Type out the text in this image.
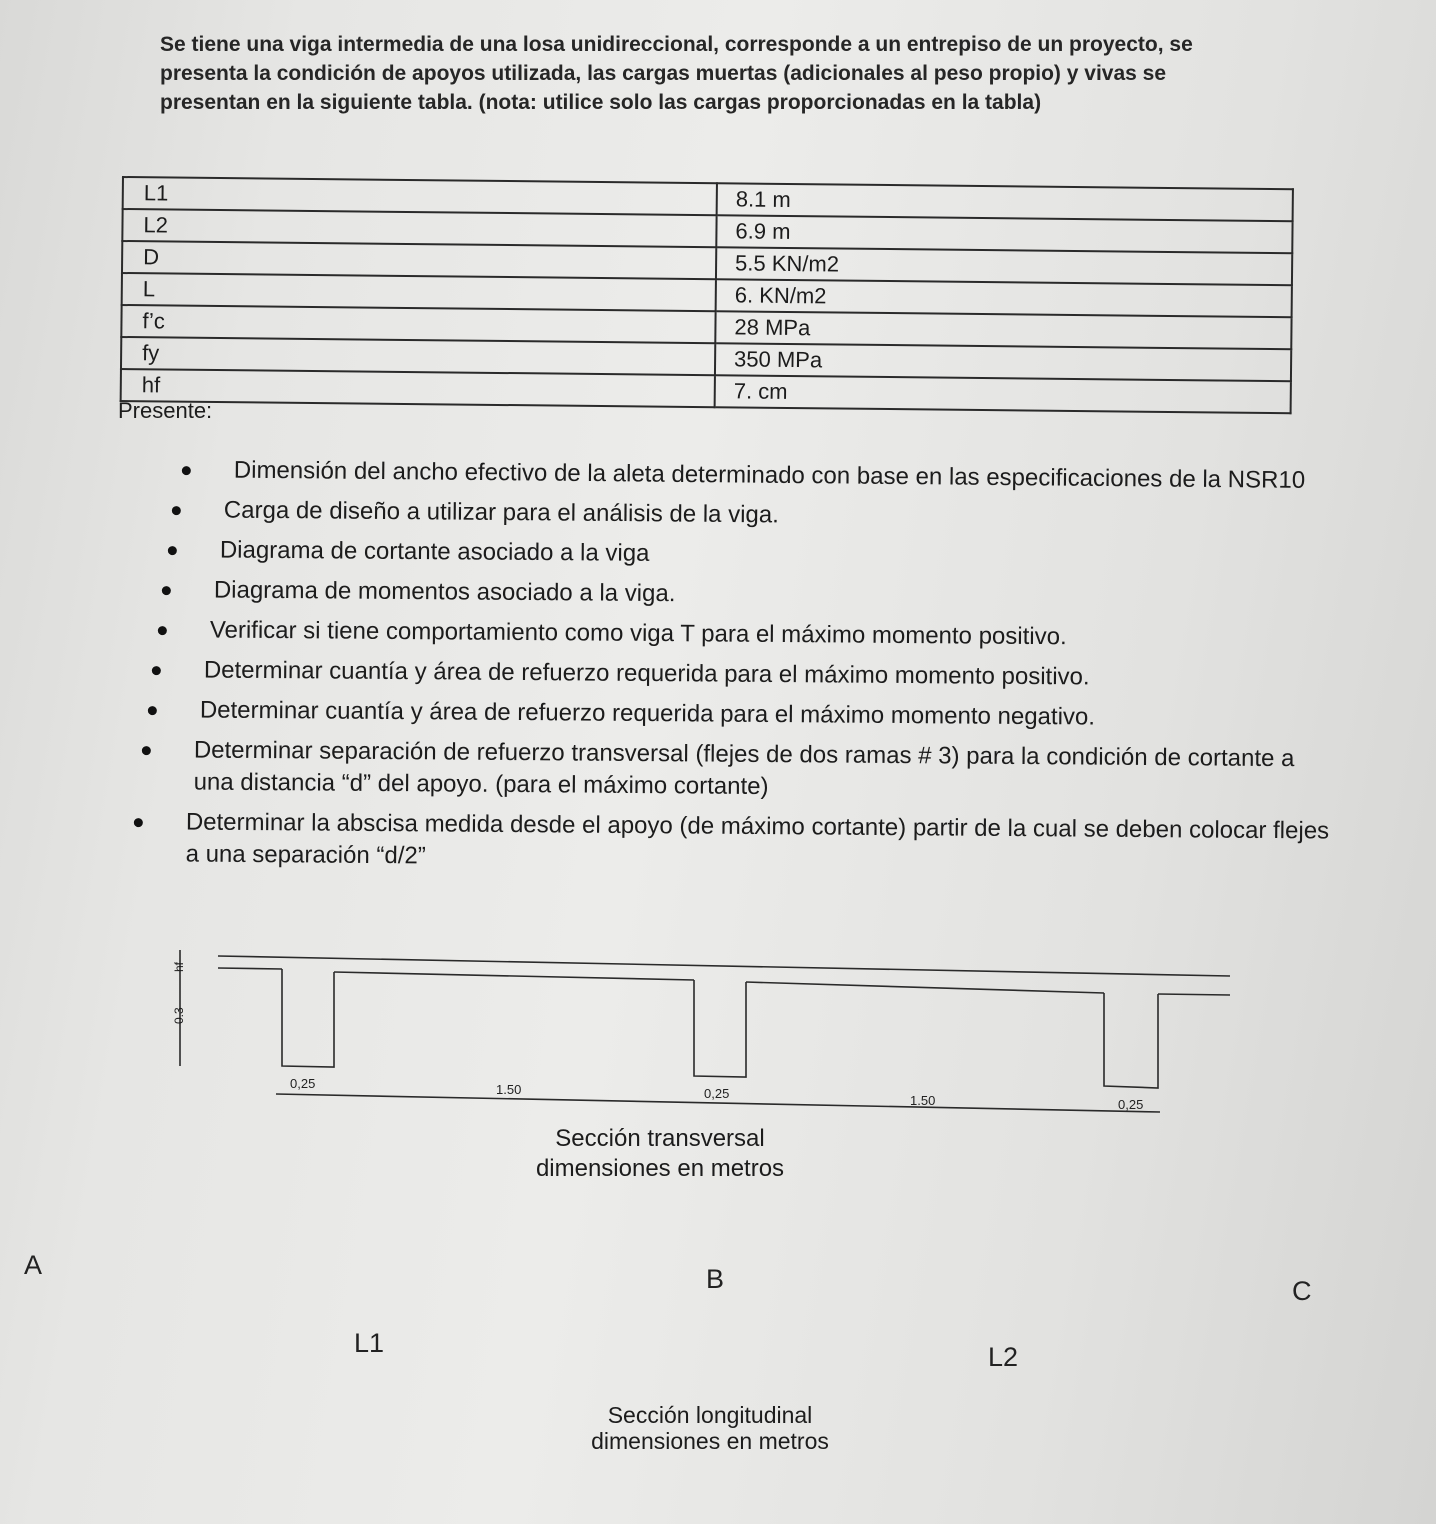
Se tiene una viga intermedia de una losa unidireccional, corresponde a un entrepiso de un proyecto, se presenta la condición de apoyos utilizada, las cargas muertas (adicionales al peso propio) y vivas se presentan en la siguiente tabla. (nota: utilice solo las cargas proporcionadas en la tabla)

L1	8.1 m
L2	6.9 m
D	5.5 KN/m2
L	6. KN/m2
f’c	28 MPa
fy	350 MPa
hf	7. cm

Presente:

Dimensión del ancho efectivo de la aleta determinado con base en las especificaciones de la NSR10
Carga de diseño a utilizar para el análisis de la viga.
Diagrama de cortante asociado a la viga
Diagrama de momentos asociado a la viga.
Verificar si tiene comportamiento como viga T para el máximo momento positivo.
Determinar cuantía y área de refuerzo requerida para el máximo momento positivo.
Determinar cuantía y área de refuerzo requerida para el máximo momento negativo.
Determinar separación de refuerzo transversal (flejes de dos ramas # 3) para la condición de cortante a una distancia “d” del apoyo. (para el máximo cortante)
Determinar la abscisa medida desde el apoyo (de máximo cortante) partir de la cual se deben colocar flejes a una separación “d/2”
hf
0.3
0,25	1.50	0,25	1.50	0,25
Sección transversal
dimensiones en metros
A	B	C
L1	L2
Sección longitudinal
dimensiones en metros
